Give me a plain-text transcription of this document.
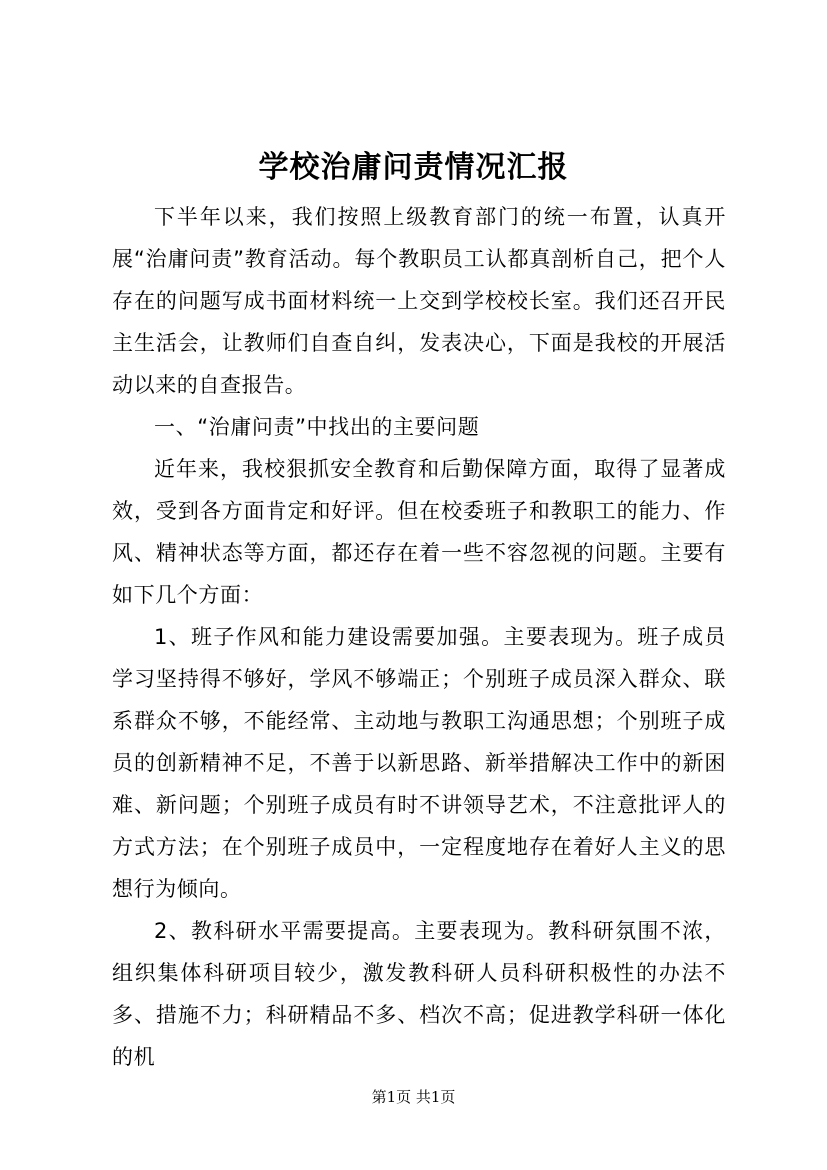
学校治庸问责情况汇报

下半年以来，我们按照上级教育部门的统一布置，认真开展“治庸问责”教育活动。每个教职员工认都真剖析自己，把个人存在的问题写成书面材料统一上交到学校校长室。我们还召开民主生活会，让教师们自查自纠，发表决心，下面是我校的开展活动以来的自查报告。

一、“治庸问责”中找出的主要问题

近年来，我校狠抓安全教育和后勤保障方面，取得了显著成效，受到各方面肯定和好评。但在校委班子和教职工的能力、作风、精神状态等方面，都还存在着一些不容忽视的问题。主要有如下几个方面：

1、班子作风和能力建设需要加强。主要表现为。班子成员学习坚持得不够好，学风不够端正；个别班子成员深入群众、联系群众不够，不能经常、主动地与教职工沟通思想；个别班子成员的创新精神不足，不善于以新思路、新举措解决工作中的新困难、新问题；个别班子成员有时不讲领导艺术，不注意批评人的方式方法；在个别班子成员中，一定程度地存在着好人主义的思想行为倾向。

2、教科研水平需要提高。主要表现为。教科研氛围不浓，组织集体科研项目较少，激发教科研人员科研积极性的办法不多、措施不力；科研精品不多、档次不高；促进教学科研一体化的机

第1页 共1页
